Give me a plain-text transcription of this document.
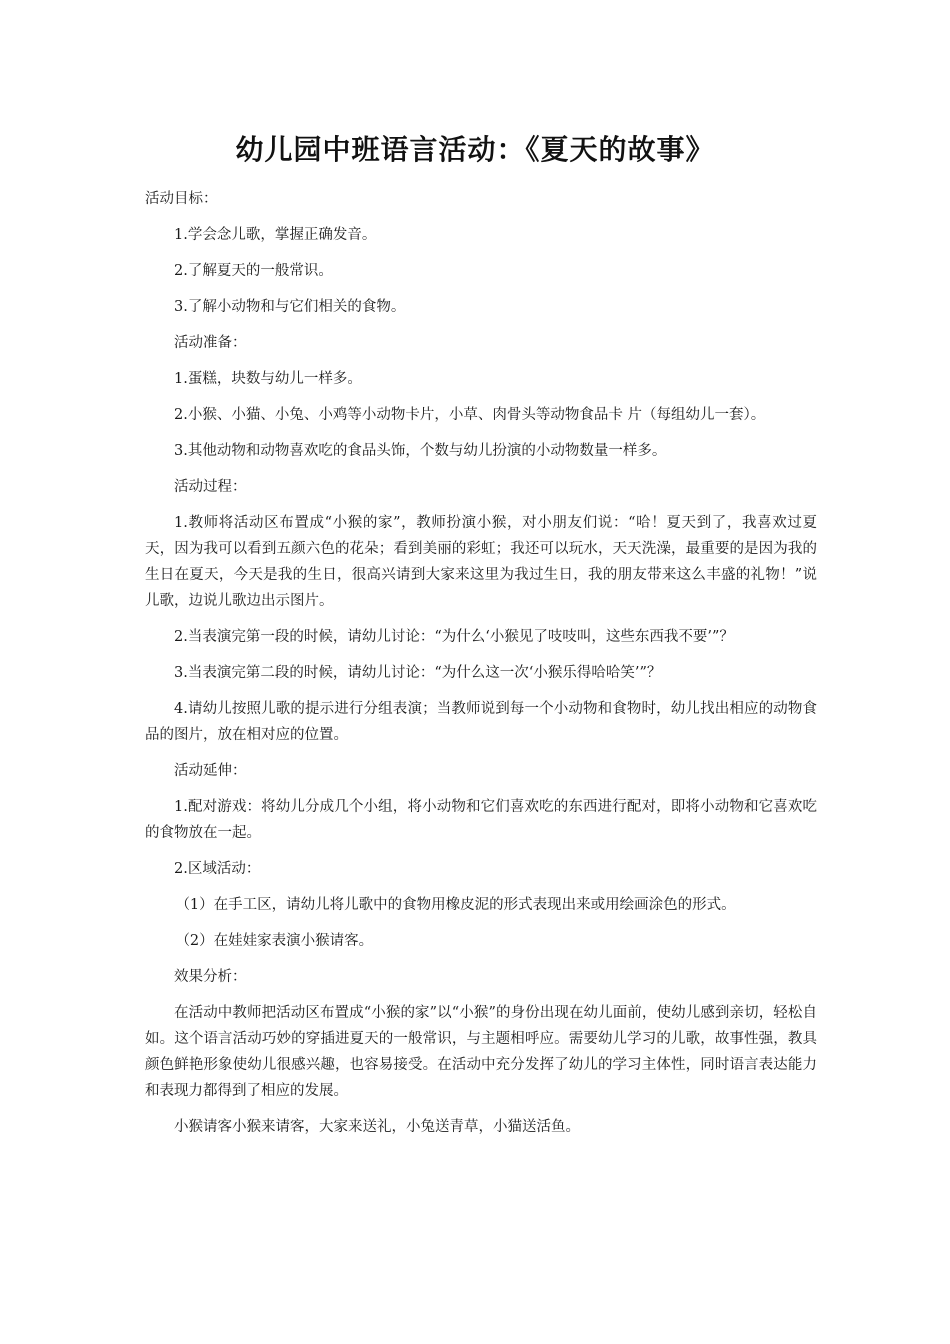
幼儿园中班语言活动：《夏天的故事》

活动目标：

1.学会念儿歌，掌握正确发音。

2.了解夏天的一般常识。

3.了解小动物和与它们相关的食物。

活动准备：

1.蛋糕，块数与幼儿一样多。

2.小猴、小猫、小兔、小鸡等小动物卡片，小草、肉骨头等动物食品卡 片（每组幼儿一套）。

3.其他动物和动物喜欢吃的食品头饰，个数与幼儿扮演的小动物数量一样多。

活动过程：

1.教师将活动区布置成“小猴的家”，教师扮演小猴，对小朋友们说：“哈！夏天到了，我喜欢过夏天，因为我可以看到五颜六色的花朵；看到美丽的彩虹；我还可以玩水，天天洗澡，最重要的是因为我的生日在夏天，今天是我的生日，很高兴请到大家来这里为我过生日，我的朋友带来这么丰盛的礼物！”说儿歌，边说儿歌边出示图片。

2.当表演完第一段的时候，请幼儿讨论：“为什么‘小猴见了吱吱叫，这些东西我不要’”？

3.当表演完第二段的时候，请幼儿讨论：“为什么这一次‘小猴乐得哈哈笑’”？

4.请幼儿按照儿歌的提示进行分组表演；当教师说到每一个小动物和食物时，幼儿找出相应的动物食品的图片，放在相对应的位置。

活动延伸：

1.配对游戏：将幼儿分成几个小组，将小动物和它们喜欢吃的东西进行配对，即将小动物和它喜欢吃的食物放在一起。

2.区域活动：

（1）在手工区，请幼儿将儿歌中的食物用橡皮泥的形式表现出来或用绘画涂色的形式。

（2）在娃娃家表演小猴请客。

效果分析：

在活动中教师把活动区布置成“小猴的家”以“小猴”的身份出现在幼儿面前，使幼儿感到亲切，轻松自如。这个语言活动巧妙的穿插进夏天的一般常识，与主题相呼应。需要幼儿学习的儿歌，故事性强，教具颜色鲜艳形象使幼儿很感兴趣，也容易接受。在活动中充分发挥了幼儿的学习主体性，同时语言表达能力和表现力都得到了相应的发展。

小猴请客小猴来请客，大家来送礼，小兔送青草，小猫送活鱼。
